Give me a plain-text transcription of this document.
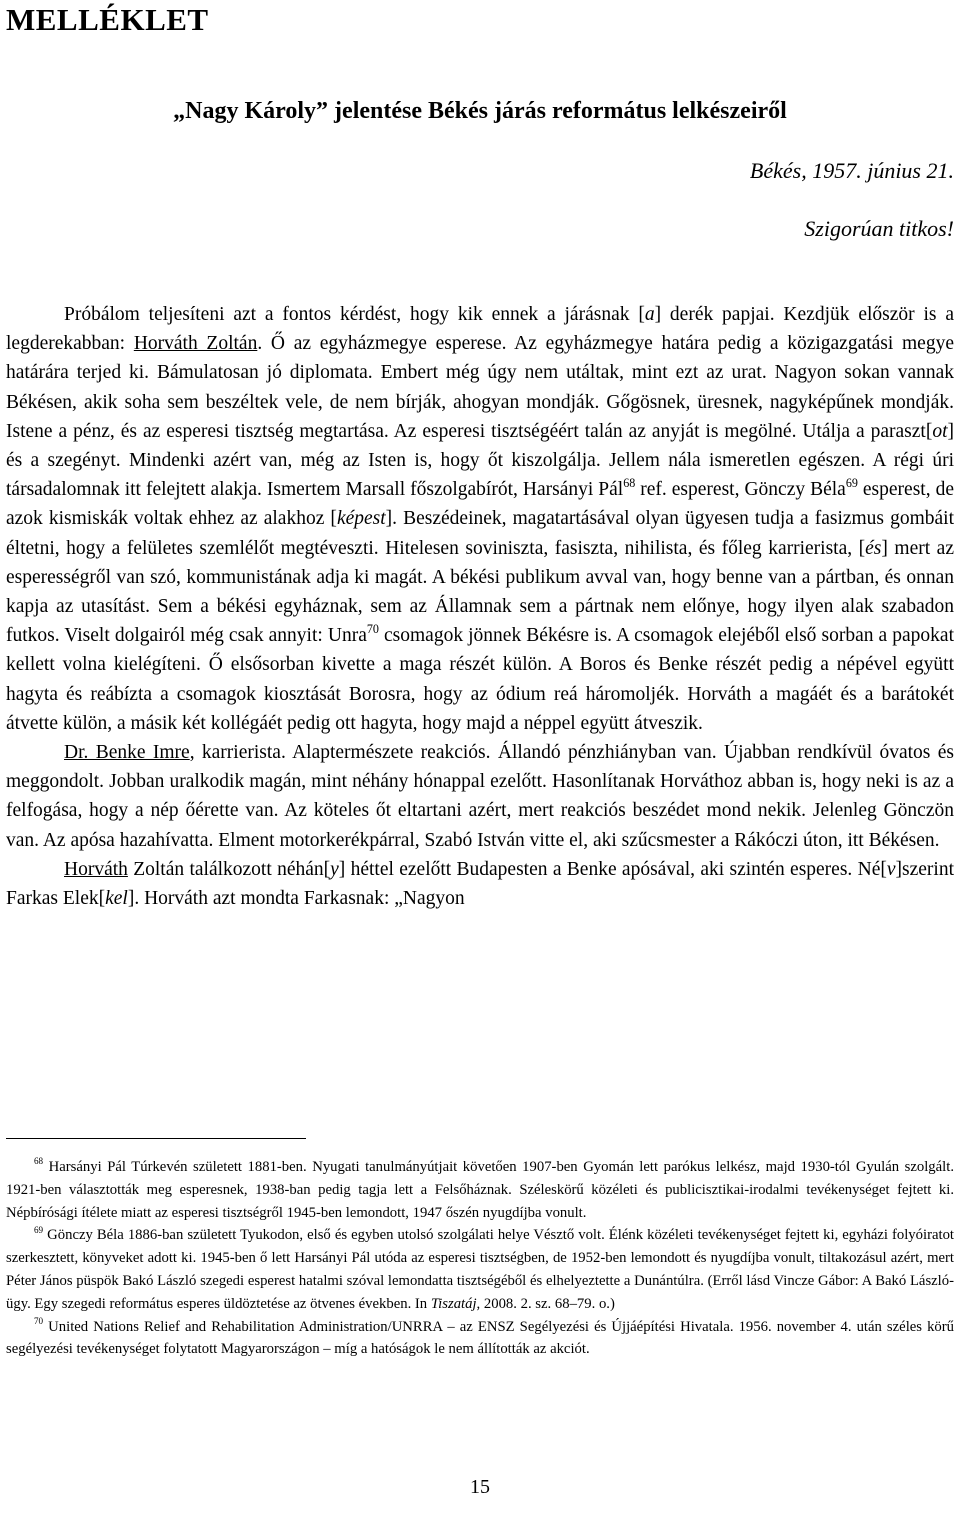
MELLÉKLET
„Nagy Károly” jelentése Békés járás református lelkészeiről

Békés, 1957. június 21.

Szigorúan titkos!

Próbálom teljesíteni azt a fontos kérdést, hogy kik ennek a járásnak [a] derék papjai. Kezdjük először is a legderekabban: Horváth Zoltán. Ő az egyházmegye esperese. Az egyházmegye határa pedig a közigazgatási megye határára terjed ki. Bámulatosan jó diplomata. Embert még úgy nem utáltak, mint ezt az urat. Nagyon sokan vannak Békésen, akik soha sem beszéltek vele, de nem bírják, ahogyan mondják. Gőgösnek, üresnek, nagyképűnek mondják. Istene a pénz, és az esperesi tisztség megtartása. Az esperesi tisztségéért talán az anyját is megölné. Utálja a paraszt[ot] és a szegényt. Mindenki azért van, még az Isten is, hogy őt kiszolgálja. Jellem nála ismeretlen egészen. A régi úri társadalomnak itt felejtett alakja. Ismertem Marsall főszolgabírót, Harsányi Pál$^{68}$ ref. esperest, Gönczy Béla$^{69}$ esperest, de azok kismiskák voltak ehhez az alakhoz [képest]. Beszédeinek, magatartásával olyan ügyesen tudja a fasizmus gombáit éltetni, hogy a felületes szemlélőt megtéveszti. Hitelesen soviniszta, fasiszta, nihilista, és főleg karrierista, [és] mert az esperességről van szó, kommunistának adja ki magát. A békési publikum avval van, hogy benne van a pártban, és onnan kapja az utasítást. Sem a békési egyháznak, sem az Államnak sem a pártnak nem előnye, hogy ilyen alak szabadon futkos. Viselt dolgairól még csak annyit: Unra$^{70}$ csomagok jönnek Békésre is. A csomagok elejéből első sorban a papokat kellett volna kielégíteni. Ő elsősorban kivette a maga részét külön. A Boros és Benke részét pedig a népével együtt hagyta és reábízta a csomagok kiosztását Borosra, hogy az ódium reá háromoljék. Horváth a magáét és a barátokét átvette külön, a másik két kollégáét pedig ott hagyta, hogy majd a néppel együtt átveszik.

Dr. Benke Imre, karrierista. Alaptermészete reakciós. Állandó pénzhiányban van. Újabban rendkívül óvatos és meggondolt. Jobban uralkodik magán, mint néhány hónappal ezelőtt. Hasonlítanak Horváthoz abban is, hogy neki is az a felfogása, hogy a nép őérette van. Az köteles őt eltartani azért, mert reakciós beszédet mond nekik. Jelenleg Gönczön van. Az apósa hazahívatta. Elment motorkerékpárral, Szabó István vitte el, aki szűcsmester a Rákóczi úton, itt Békésen.

Horváth Zoltán találkozott néhán[y] héttel ezelőtt Budapesten a Benke apósával, aki szintén esperes. Né[v]szerint Farkas Elek[kel]. Horváth azt mondta Farkasnak: „Nagyon

$^{68}$ Harsányi Pál Túrkevén született 1881-ben. Nyugati tanulmányútjait követően 1907-ben Gyomán lett parókus lelkész, majd 1930-tól Gyulán szolgált. 1921-ben választották meg esperesnek, 1938-ban pedig tagja lett a Felsőháznak. Széleskörű közéleti és publicisztikai-irodalmi tevékenységet fejtett ki. Népbírósági ítélete miatt az esperesi tisztségről 1945-ben lemondott, 1947 őszén nyugdíjba vonult.

$^{69}$ Gönczy Béla 1886-ban született Tyukodon, első és egyben utolsó szolgálati helye Vésztő volt. Élénk közéleti tevékenységet fejtett ki, egyházi folyóiratot szerkesztett, könyveket adott ki. 1945-ben ő lett Harsányi Pál utóda az esperesi tisztségben, de 1952-ben lemondott és nyugdíjba vonult, tiltakozásul azért, mert Péter János püspök Bakó László szegedi esperest hatalmi szóval lemondatta tisztségéből és elhelyeztette a Dunántúlra. (Erről lásd Vincze Gábor: A Bakó László-ügy. Egy szegedi református esperes üldöztetése az ötvenes években. In Tiszatáj, 2008. 2. sz. 68–79. o.)

$^{70}$ United Nations Relief and Rehabilitation Administration/UNRRA – az ENSZ Segélyezési és Újjáépítési Hivatala. 1956. november 4. után széles körű segélyezési tevékenységet folytatott Magyarországon – míg a hatóságok le nem állították az akciót.

15
